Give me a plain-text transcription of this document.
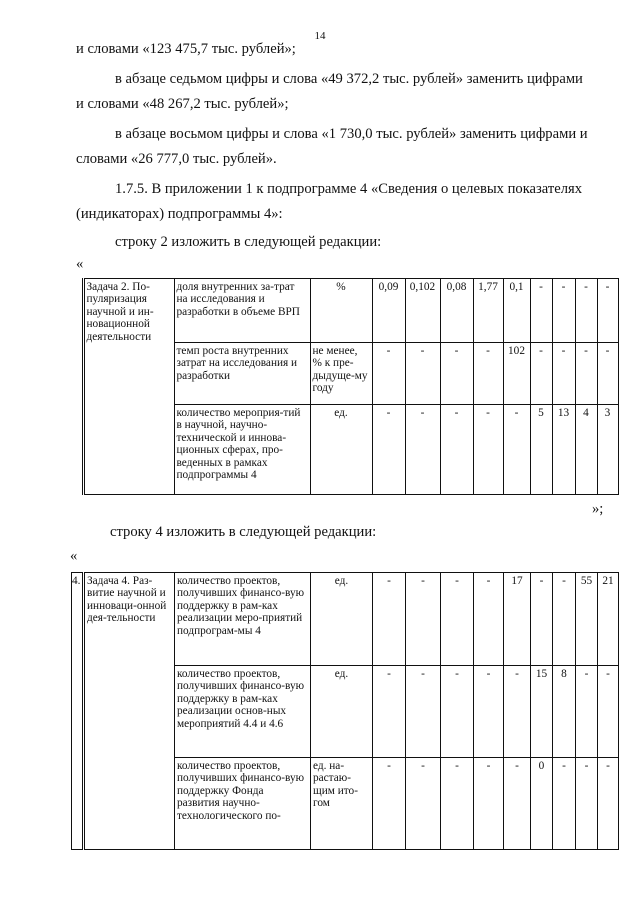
14
и словами «123 475,7 тыс. рублей»;
в абзаце седьмом цифры и слова «49 372,2 тыс. рублей» заменить цифрами
и словами «48 267,2 тыс. рублей»;
в абзаце восьмом цифры и слова «1 730,0 тыс. рублей» заменить цифрами и
словами «26 777,0 тыс. рублей».
1.7.5. В приложении 1 к подпрограмме 4 «Сведения о целевых показателях
(индикаторах) подпрограммы 4»:
строку 2 изложить в следующей редакции:
«
	Задача 2. По-пуляризация научной и ин-новационной деятельности	доля внутренних за-трат на исследования и разработки в объеме ВРП	%	0,09	0,102	0,08	1,77	0,1	-	-	-	-
		темп роста внутренних затрат на исследования и разработки	не менее, % к пре-дыдуще-му году	-	-	-	-	102	-	-	-	-
		количество мероприя-тий в научной, научно-технической и иннова-ционных сферах, про-веденных в рамках подпрограммы 4	ед.	-	-	-	-	-	5	13	4	3
»;
строку 4 изложить в следующей редакции:
«
4.	Задача 4. Раз-витие научной и инноваци-онной дея-тельности	количество проектов, получивших финансо-вую поддержку в рам-ках реализации меро-приятий подпрограм-мы 4	ед.	-	-	-	-	17	-	-	55	21
		количество проектов, получивших финансо-вую поддержку в рам-ках реализации основ-ных мероприятий 4.4 и 4.6	ед.	-	-	-	-	-	15	8	-	-
		количество проектов, получивших финансо-вую поддержку Фонда развития научно-технологического по-	ед. на-растаю-щим ито-гом	-	-	-	-	-	0	-	-	-
